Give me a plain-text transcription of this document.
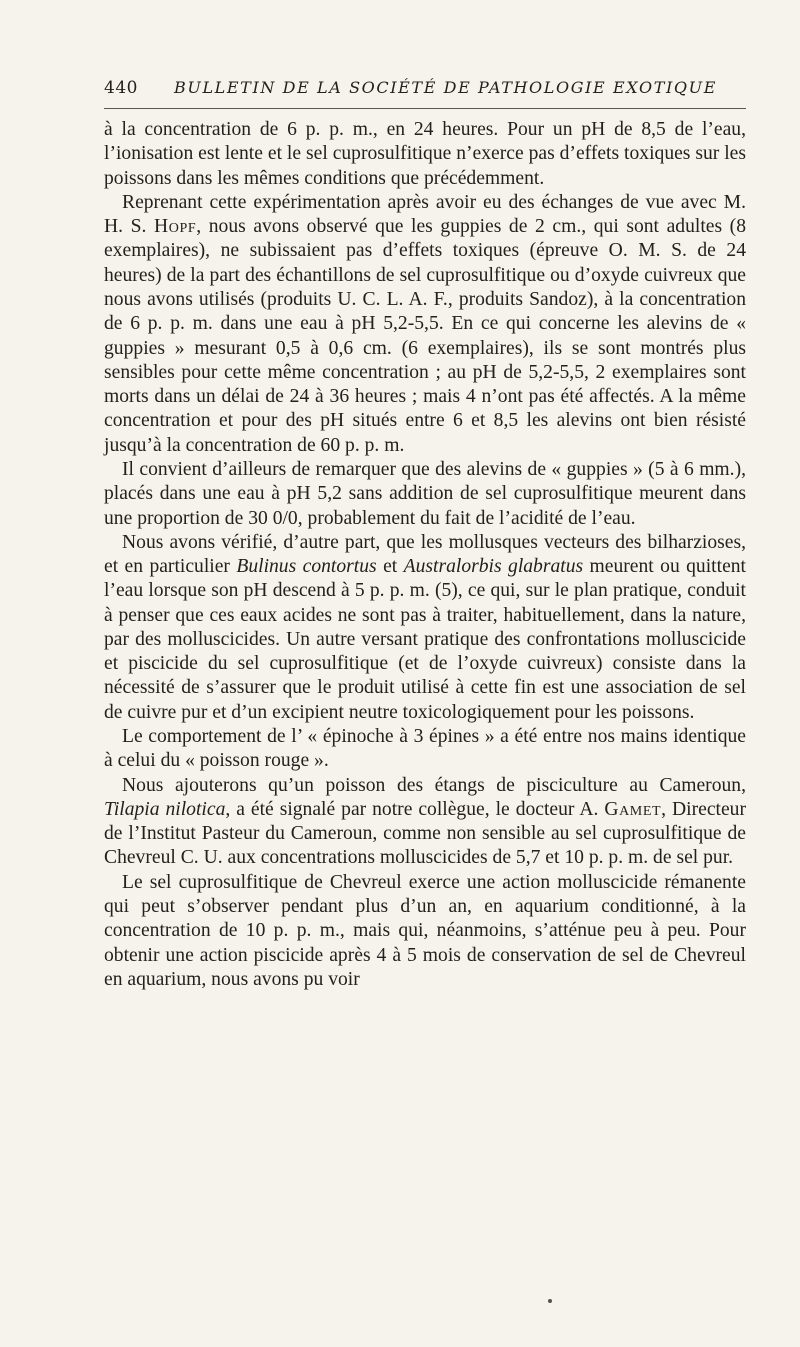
440 BULLETIN DE LA SOCIÉTÉ DE PATHOLOGIE EXOTIQUE

à la concentration de 6 p. p. m., en 24 heures. Pour un pH de 8,5 de l’eau, l’ionisation est lente et le sel cuprosulfitique n’exerce pas d’effets toxiques sur les poissons dans les mêmes conditions que précédemment.

Reprenant cette expérimentation après avoir eu des échanges de vue avec M. H. S. Hopf, nous avons observé que les guppies de 2 cm., qui sont adultes (8 exemplaires), ne subissaient pas d’effets toxiques (épreuve O. M. S. de 24 heures) de la part des échantillons de sel cuprosulfitique ou d’oxyde cuivreux que nous avons utilisés (produits U. C. L. A. F., produits Sandoz), à la concentration de 6 p. p. m. dans une eau à pH 5,2-5,5. En ce qui concerne les alevins de « guppies » mesurant 0,5 à 0,6 cm. (6 exemplaires), ils se sont montrés plus sensibles pour cette même concentration ; au pH de 5,2-5,5, 2 exemplaires sont morts dans un délai de 24 à 36 heures ; mais 4 n’ont pas été affectés. A la même concentration et pour des pH situés entre 6 et 8,5 les alevins ont bien résisté jusqu’à la concentration de 60 p. p. m.

Il convient d’ailleurs de remarquer que des alevins de « guppies » (5 à 6 mm.), placés dans une eau à pH 5,2 sans addition de sel cuprosulfitique meurent dans une proportion de 30 0/0, probablement du fait de l’acidité de l’eau.

Nous avons vérifié, d’autre part, que les mollusques vecteurs des bilharzioses, et en particulier Bulinus contortus et Australorbis glabratus meurent ou quittent l’eau lorsque son pH descend à 5 p. p. m. (5), ce qui, sur le plan pratique, conduit à penser que ces eaux acides ne sont pas à traiter, habituellement, dans la nature, par des molluscicides. Un autre versant pratique des confrontations molluscicide et piscicide du sel cuprosulfitique (et de l’oxyde cuivreux) consiste dans la nécessité de s’assurer que le produit utilisé à cette fin est une association de sel de cuivre pur et d’un excipient neutre toxicologiquement pour les poissons.

Le comportement de l’ « épinoche à 3 épines » a été entre nos mains identique à celui du « poisson rouge ».

Nous ajouterons qu’un poisson des étangs de pisciculture au Cameroun, Tilapia nilotica, a été signalé par notre collègue, le docteur A. Gamet, Directeur de l’Institut Pasteur du Cameroun, comme non sensible au sel cuprosulfitique de Chevreul C. U. aux concentrations molluscicides de 5,7 et 10 p. p. m. de sel pur.

Le sel cuprosulfitique de Chevreul exerce une action molluscicide rémanente qui peut s’observer pendant plus d’un an, en aquarium conditionné, à la concentration de 10 p. p. m., mais qui, néanmoins, s’atténue peu à peu. Pour obtenir une action piscicide après 4 à 5 mois de conservation de sel de Chevreul en aquarium, nous avons pu voir
